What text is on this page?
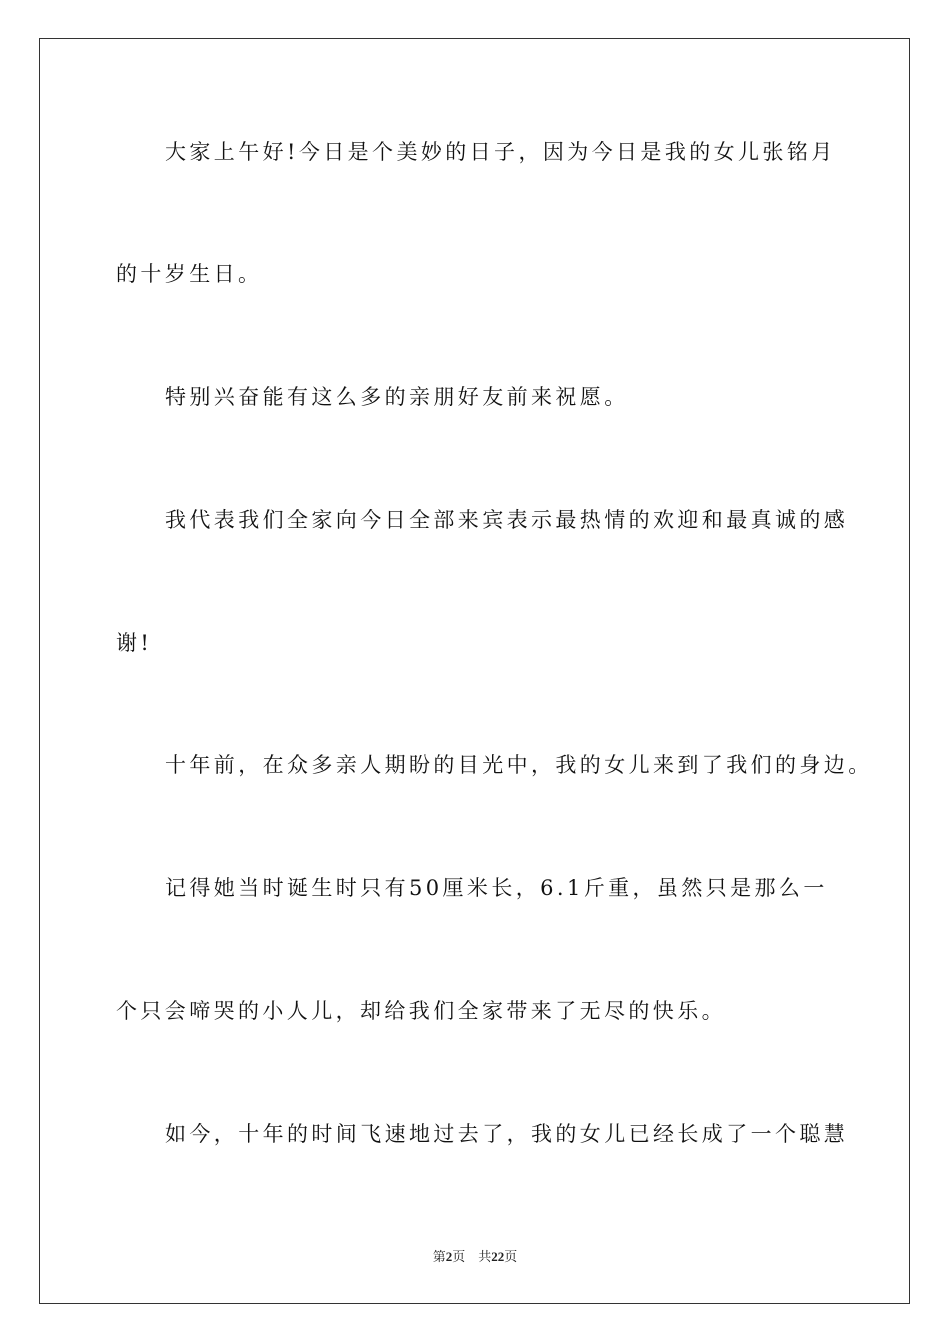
大家上午好!今日是个美妙的日子，因为今日是我的女儿张铭月
的十岁生日。
特别兴奋能有这么多的亲朋好友前来祝愿。
我代表我们全家向今日全部来宾表示最热情的欢迎和最真诚的感
谢!
十年前，在众多亲人期盼的目光中，我的女儿来到了我们的身边。
记得她当时诞生时只有50厘米长，6.1斤重，虽然只是那么一
个只会啼哭的小人儿，却给我们全家带来了无尽的快乐。
如今，十年的时间飞速地过去了，我的女儿已经长成了一个聪慧
第2页 共22页
